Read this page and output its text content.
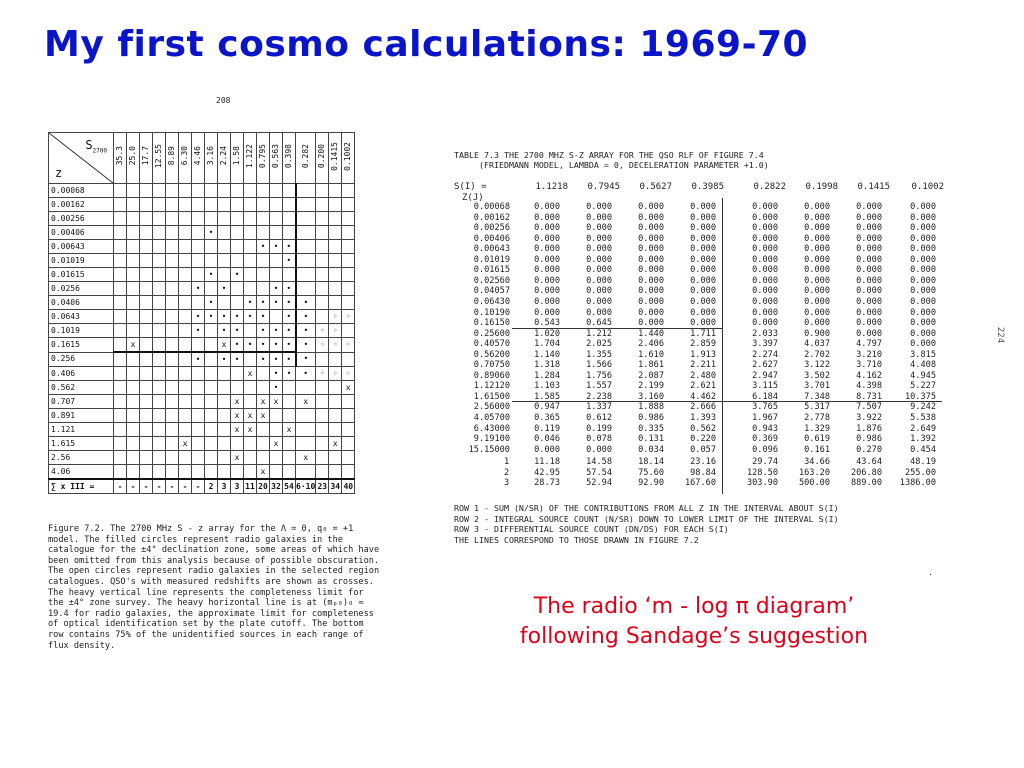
My first cosmo calculations: 1969-70
208
$S_{2700}$
z	35.3	25.0	17.7	12.55	8.89	6.30	4.46	3.16	2.24	1.58	1.122	0.795	0.563	0.398	0.282	0.200	0.1415	0.1002
0.00068																		
0.00162																		
0.00256																		
0.00406								•										
0.00643												•	•	•				
0.01019														•				
0.01615								•		•								
0.0256							•		•				•	•				
0.0406								•			•	•	•	•	•			
0.0643							•	•	•	•	•	•		•	•		◦	◦
0.1019							•		•	•		•	•	•	•	◦	◦	
0.1615		x							x	•	•	•	•	•	•	◦	◦	◦
0.256							•		•	•		•	•	•	•			
0.406											x		•	•	•	◦	◦	◦
0.562													•					x
0.707										x		x	x		x			
0.891										x	x	x						
1.121										x	x			x				
1.615						x							x				x	
2.56										x					x			
4.06												x						
∑ x III =	-	-	-	-	-	-	-	2	3	3	11	20	32	54	6·10	23	34	40

Figure 7.2. The 2700 MHz S - z array for the Λ = 0, q₀ = +1 model. The filled circles represent radio galaxies in the catalogue for the ±4° declination zone, some areas of which have been omitted from this analysis because of possible obscuration. The open circles represent radio galaxies in the selected region catalogues. QSO's with measured redshifts are shown as crosses. The heavy vertical line represents the completeness limit for the ±4° zone survey. The heavy horizontal line is at (mₚ₀)₀ ≈ 19.4 for radio galaxies, the approximate limit for completeness of optical identification set by the plate cutoff. The bottom row contains 75% of the unidentified sources in each range of flux density.

TABLE 7.3 THE 2700 MHZ S-Z ARRAY FOR THE QSO RLF OF FIGURE 7.4
(FRIEDMANN MODEL, LAMBDA = 0, DECELERATION PARAMETER +1.0)
S(I) =
Z(J)
ROW 1 - SUM (N/SR) OF THE CONTRIBUTIONS FROM ALL Z IN THE INTERVAL ABOUT S(I)
ROW 2 - INTEGRAL SOURCE COUNT (N/SR) DOWN TO LOWER LIMIT OF THE INTERVAL S(I)
ROW 3 - DIFFERENTIAL SOURCE COUNT (DN/DS) FOR EACH S(I)
THE LINES CORRESPOND TO THOSE DRAWN IN FIGURE 7.2
224
.
1.1218	0.7945	0.5627	0.3985	0.2822	0.1998	0.1415	0.1002
0.00068	0.000	0.000	0.000	0.000	0.000	0.000	0.000	0.000
0.00162	0.000	0.000	0.000	0.000	0.000	0.000	0.000	0.000
0.00256	0.000	0.000	0.000	0.000	0.000	0.000	0.000	0.000
0.00406	0.000	0.000	0.000	0.000	0.000	0.000	0.000	0.000
0.00643	0.000	0.000	0.000	0.000	0.000	0.000	0.000	0.000
0.01019	0.000	0.000	0.000	0.000	0.000	0.000	0.000	0.000
0.01615	0.000	0.000	0.000	0.000	0.000	0.000	0.000	0.000
0.02560	0.000	0.000	0.000	0.000	0.000	0.000	0.000	0.000
0.04057	0.000	0.000	0.000	0.000	0.000	0.000	0.000	0.000
0.06430	0.000	0.000	0.000	0.000	0.000	0.000	0.000	0.000
0.10190	0.000	0.000	0.000	0.000	0.000	0.000	0.000	0.000
0.16150	0.543	0.645	0.000	0.000	0.000	0.000	0.000	0.000
0.25600	1.020	1.212	1.440	1.711	2.033	0.900	0.000	0.000
0.40570	1.704	2.025	2.406	2.859	3.397	4.037	4.797	0.000
0.56200	1.140	1.355	1.610	1.913	2.274	2.702	3.210	3.815
0.70750	1.318	1.566	1.861	2.211	2.627	3.122	3.710	4.408
0.89060	1.284	1.756	2.087	2.480	2.947	3.502	4.162	4.945
1.12120	1.103	1.557	2.199	2.621	3.115	3.701	4.398	5.227
1.61500	1.585	2.238	3.160	4.462	6.184	7.348	8.731	10.375
2.56000	0.947	1.337	1.888	2.666	3.765	5.317	7.507	9.242
4.05700	0.365	0.612	0.986	1.393	1.967	2.778	3.922	5.538
6.43000	0.119	0.199	0.335	0.562	0.943	1.329	1.876	2.649
9.19100	0.046	0.078	0.131	0.220	0.369	0.619	0.986	1.392
15.15000	0.000	0.000	0.034	0.057	0.096	0.161	0.270	0.454
1	11.18	14.58	18.14	23.16	29.74	34.66	43.64	48.19
2	42.95	57.54	75.60	98.84	128.50	163.20	206.80	255.00
3	28.73	52.94	92.90	167.60	303.90	500.00	889.00	1386.00
The radio ‘m - log π diagram’
following Sandage’s suggestion
